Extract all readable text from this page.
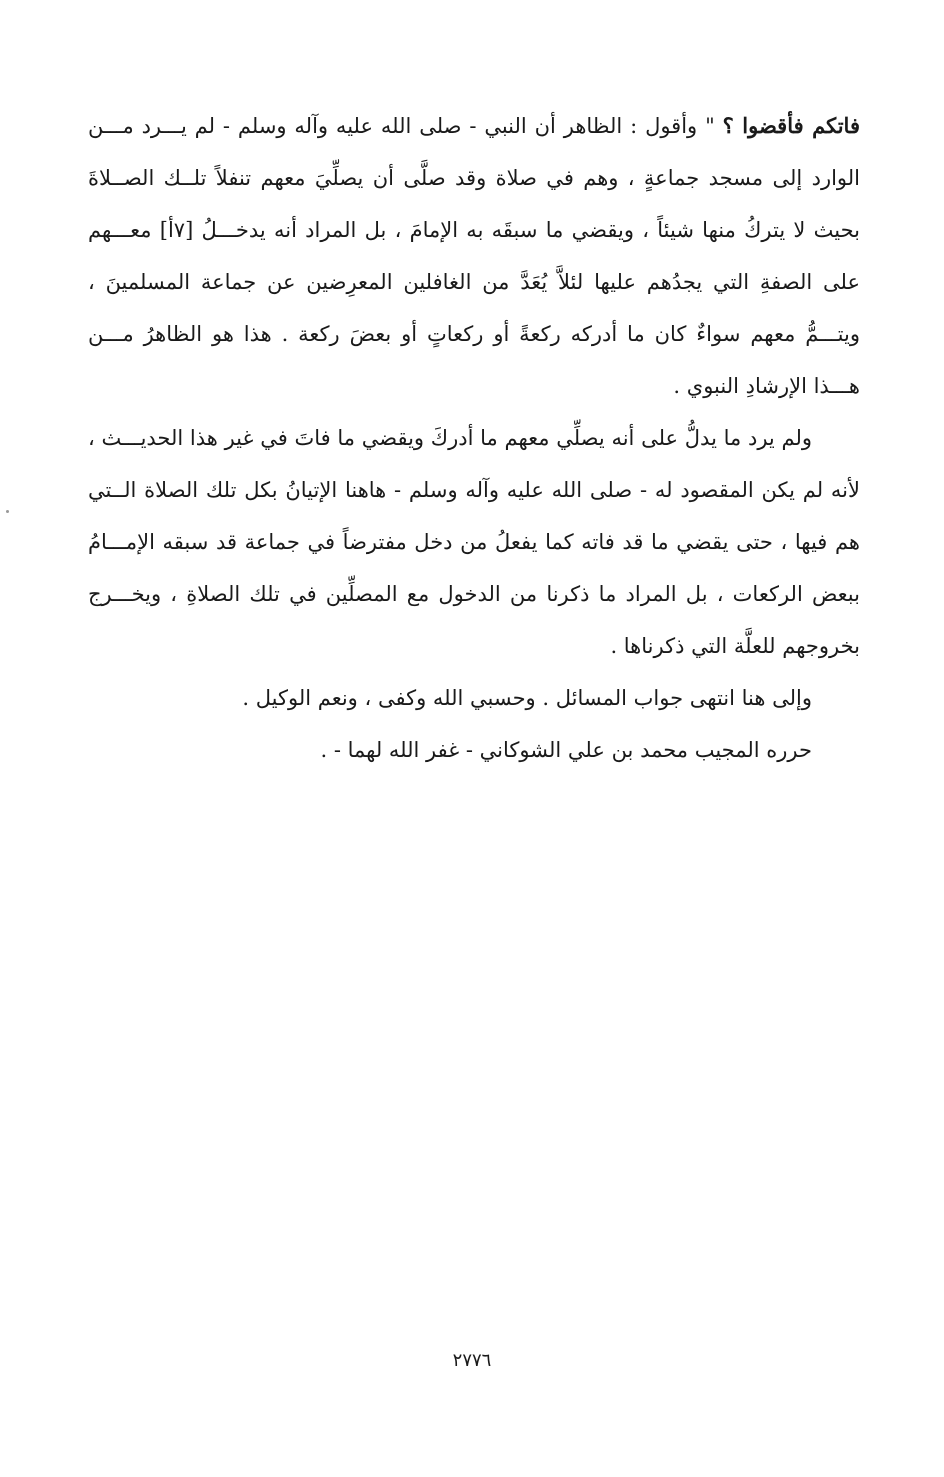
فاتكم فأقضوا ؟ " وأقول : الظاهر أن النبي - صلى الله عليه وآله وسلم - لم يـــرد مـــن الوارد إلى مسجد جماعةٍ ، وهم في صلاة وقد صلَّى أن يصلِّيَ معهم تنفلاً تلــك الصــلاةَ بحيث لا يتركُ منها شيئاً ، ويقضي ما سبقَه به الإمامَ ، بل المراد أنه يدخـــلُ [٧أ] معـــهم على الصفةِ التي يجدُهم عليها لئلاَّ يُعَدَّ من الغافلين المعرِضين عن جماعة المسلمينَ ، ويتـــمُّ معهم سواءٌ كان ما أدركه ركعةً أو ركعاتٍ أو بعضَ ركعة . هذا هو الظاهرُ مـــن هـــذا الإرشادِ النبوي .

ولم يرد ما يدلُّ على أنه يصلِّي معهم ما أدركَ ويقضي ما فاتَ في غير هذا الحديـــث ، لأنه لم يكن المقصود له - صلى الله عليه وآله وسلم - هاهنا الإتيانُ بكل تلك الصلاة الــتي هم فيها ، حتى يقضي ما قد فاته كما يفعلُ من دخل مفترضاً في جماعة قد سبقه الإمـــامُ ببعض الركعات ، بل المراد ما ذكرنا من الدخول مع المصلِّين في تلك الصلاةِ ، ويخـــرج بخروجهم للعلَّة التي ذكرناها .

وإلى هنا انتهى جواب المسائل . وحسبي الله وكفى ، ونعم الوكيل .

حرره المجيب محمد بن علي الشوكاني - غفر الله لهما - .

٢٧٧٦
